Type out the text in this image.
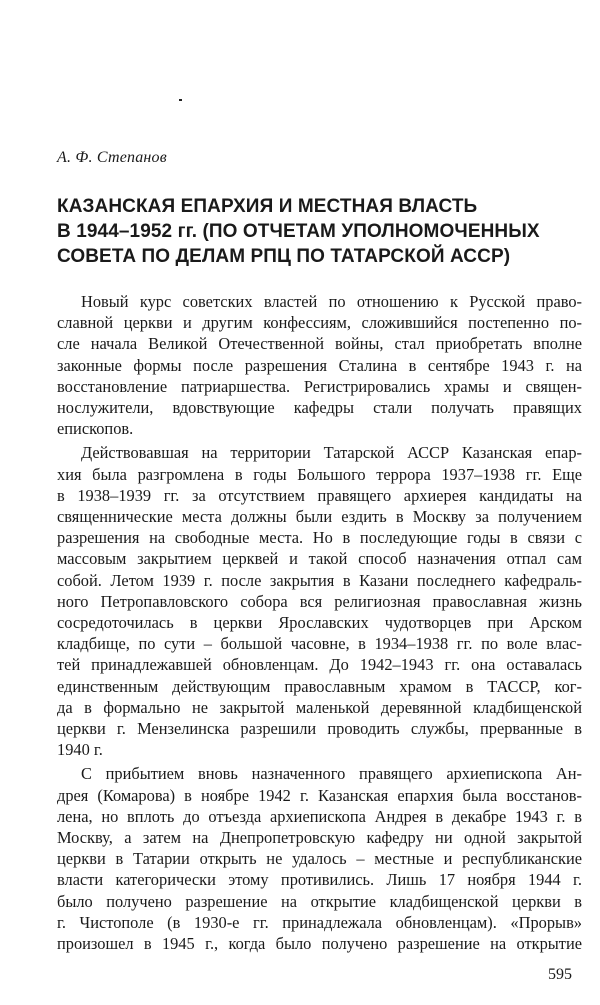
А. Ф. Степанов
КАЗАНСКАЯ ЕПАРХИЯ И МЕСТНАЯ ВЛАСТЬ
В 1944–1952 гг. (ПО ОТЧЕТАМ УПОЛНОМОЧЕННЫХ
СОВЕТА ПО ДЕЛАМ РПЦ ПО ТАТАРСКОЙ АССР)
Новый курс советских властей по отношению к Русской право-
славной церкви и другим конфессиям, сложившийся постепенно по-
сле начала Великой Отечественной войны, стал приобретать вполне
законные формы после разрешения Сталина в сентябре 1943 г. на
восстановление патриаршества. Регистрировались храмы и священ-
нослужители, вдовствующие кафедры стали получать правящих
епископов.
Действовавшая на территории Татарской АССР Казанская епар-
хия была разгромлена в годы Большого террора 1937–1938 гг. Еще
в 1938–1939 гг. за отсутствием правящего архиерея кандидаты на
священнические места должны были ездить в Москву за получением
разрешения на свободные места. Но в последующие годы в связи с
массовым закрытием церквей и такой способ назначения отпал сам
собой. Летом 1939 г. после закрытия в Казани последнего кафедраль-
ного Петропавловского собора вся религиозная православная жизнь
сосредоточилась в церкви Ярославских чудотворцев при Арском
кладбище, по сути – большой часовне, в 1934–1938 гг. по воле влас-
тей принадлежавшей обновленцам. До 1942–1943 гг. она оставалась
единственным действующим православным храмом в ТАССР, ког-
да в формально не закрытой маленькой деревянной кладбищенской
церкви г. Мензелинска разрешили проводить службы, прерванные в
1940 г.
С прибытием вновь назначенного правящего архиепископа Ан-
дрея (Комарова) в ноябре 1942 г. Казанская епархия была восстанов-
лена, но вплоть до отъезда архиепископа Андрея в декабре 1943 г. в
Москву, а затем на Днепропетровскую кафедру ни одной закрытой
церкви в Татарии открыть не удалось – местные и республиканские
власти категорически этому противились. Лишь 17 ноября 1944 г.
было получено разрешение на открытие кладбищенской церкви в
г. Чистополе (в 1930-е гг. принадлежала обновленцам). «Прорыв»
произошел в 1945 г., когда было получено разрешение на открытие
595
